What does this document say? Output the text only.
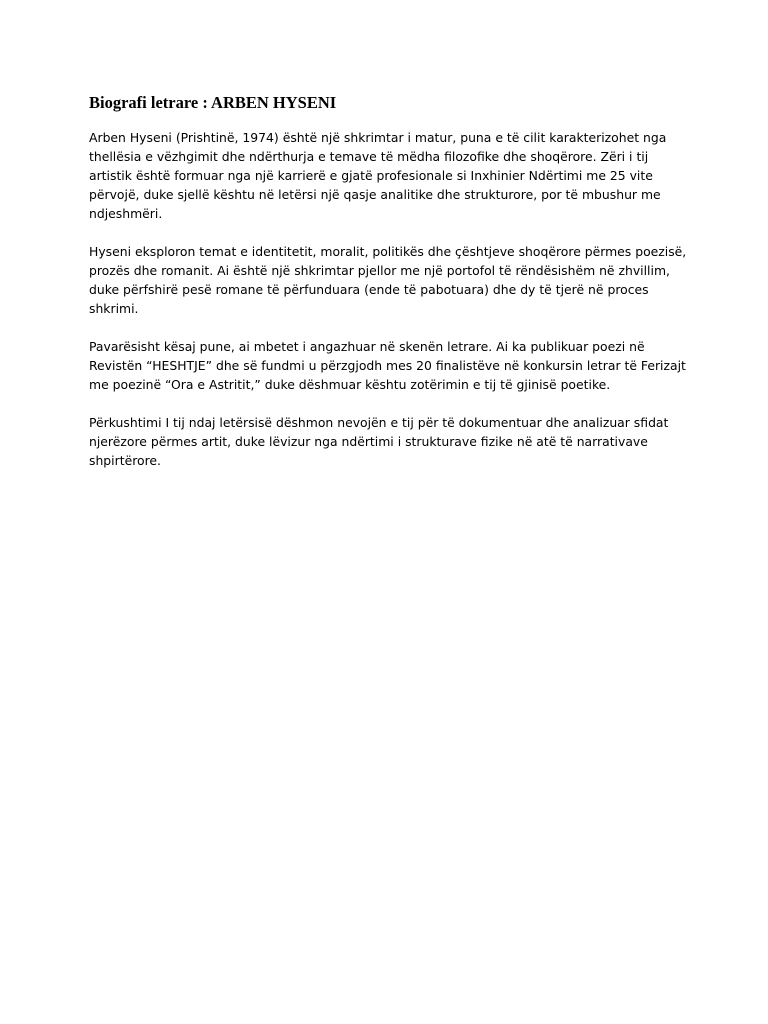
Biografi letrare : ARBEN HYSENI

Arben Hyseni (Prishtinë, 1974) është një shkrimtar i matur, puna e të cilit karakterizohet nga
thellësia e vëzhgimit dhe ndërthurja e temave të mëdha filozofike dhe shoqërore. Zëri i tij
artistik është formuar nga një karrierë e gjatë profesionale si Inxhinier Ndërtimi me 25 vite
përvojë, duke sjellë kështu në letërsi një qasje analitike dhe strukturore, por të mbushur me
ndjeshmëri.

Hyseni eksploron temat e identitetit, moralit, politikës dhe çështjeve shoqërore përmes poezisë,
prozës dhe romanit. Ai është një shkrimtar pjellor me një portofol të rëndësishëm në zhvillim,
duke përfshirë pesë romane të përfunduara (ende të pabotuara) dhe dy të tjerë në proces
shkrimi.

Pavarësisht kësaj pune, ai mbetet i angazhuar në skenën letrare. Ai ka publikuar poezi në
Revistën “HESHTJE” dhe së fundmi u përzgjodh mes 20 finalistëve në konkursin letrar të Ferizajt
me poezinë “Ora e Astritit,” duke dëshmuar kështu zotërimin e tij të gjinisë poetike.

Përkushtimi I tij ndaj letërsisë dëshmon nevojën e tij për të dokumentuar dhe analizuar sfidat
njerëzore përmes artit, duke lëvizur nga ndërtimi i strukturave fizike në atë të narrativave
shpirtërore.
